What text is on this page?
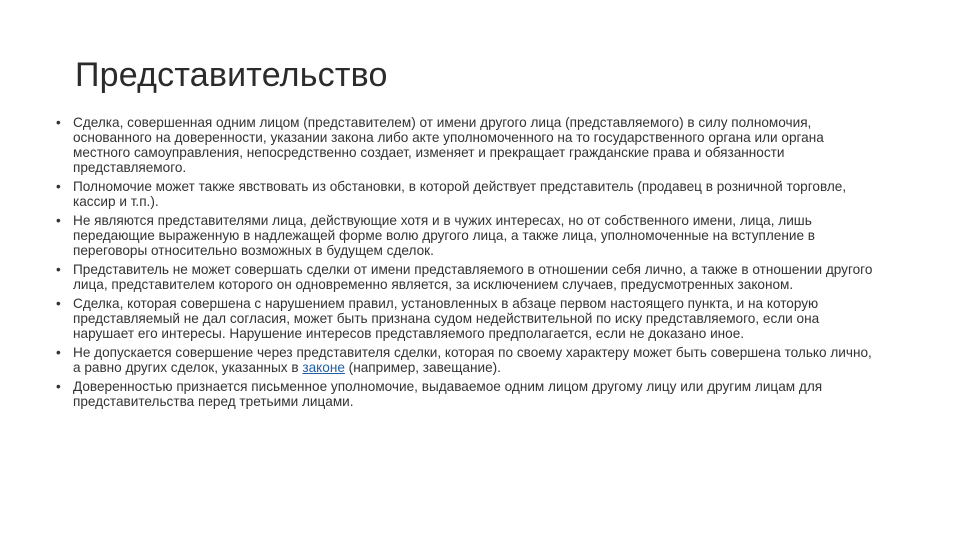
Представительство
• Сделка, совершенная одним лицом (представителем) от имени другого лица (представляемого) в силу полномочия, основанного на доверенности, указании закона либо акте уполномоченного на то государственного органа или органа местного самоуправления, непосредственно создает, изменяет и прекращает гражданские права и обязанности представляемого.
• Полномочие может также явствовать из обстановки, в которой действует представитель (продавец в розничной торговле, кассир и т.п.).
• Не являются представителями лица, действующие хотя и в чужих интересах, но от собственного имени, лица, лишь передающие выраженную в надлежащей форме волю другого лица, а также лица, уполномоченные на вступление в переговоры относительно возможных в будущем сделок.
• Представитель не может совершать сделки от имени представляемого в отношении себя лично, а также в отношении другого лица, представителем которого он одновременно является, за исключением случаев, предусмотренных законом.
• Сделка, которая совершена с нарушением правил, установленных в абзаце первом настоящего пункта, и на которую представляемый не дал согласия, может быть признана судом недействительной по иску представляемого, если она нарушает его интересы. Нарушение интересов представляемого предполагается, если не доказано иное.
• Не допускается совершение через представителя сделки, которая по своему характеру может быть совершена только лично, а равно других сделок, указанных в законе (например, завещание).
• Доверенностью признается письменное уполномочие, выдаваемое одним лицом другому лицу или другим лицам для представительства перед третьими лицами.
